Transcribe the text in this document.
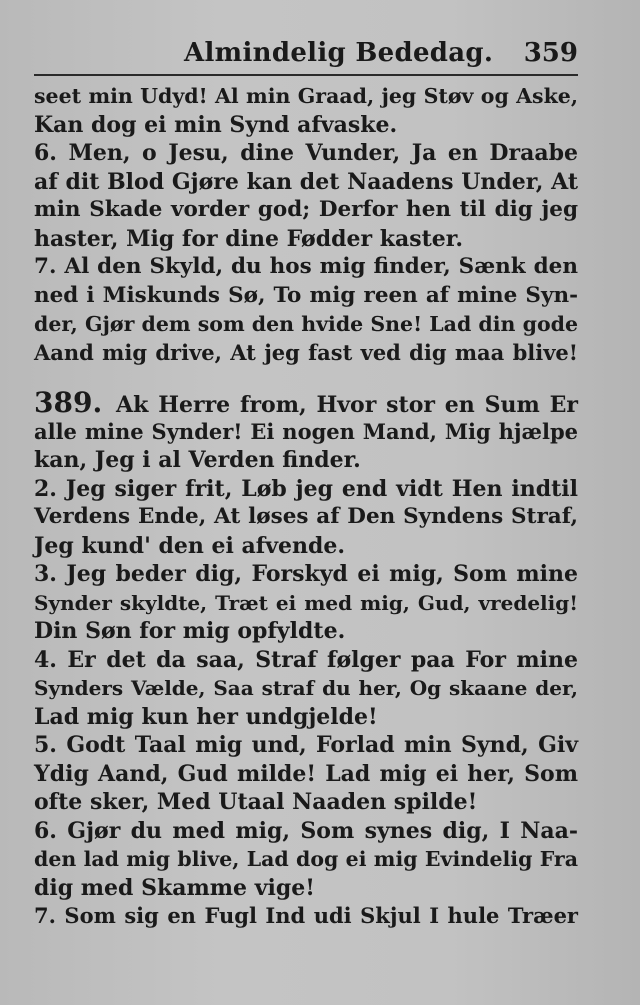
Almindelig Bededag. 359
seet min Udyd! Al min Graad, jeg Støv og Aske,
Kan dog ei min Synd afvaske.
6. Men, o Jesu, dine Vunder, Ja en Draabe
af dit Blod Gjøre kan det Naadens Under, At
min Skade vorder god; Derfor hen til dig jeg
haster, Mig for dine Fødder kaster.
7. Al den Skyld, du hos mig finder, Sænk den
ned i Miskunds Sø, To mig reen af mine Syn-
der, Gjør dem som den hvide Sne! Lad din gode
Aand mig drive, At jeg fast ved dig maa blive!
389. Ak Herre from, Hvor stor en Sum Er
alle mine Synder! Ei nogen Mand, Mig hjælpe
kan, Jeg i al Verden finder.
2. Jeg siger frit, Løb jeg end vidt Hen indtil
Verdens Ende, At løses af Den Syndens Straf,
Jeg kund' den ei afvende.
3. Jeg beder dig, Forskyd ei mig, Som mine
Synder skyldte, Træt ei med mig, Gud, vredelig!
Din Søn for mig opfyldte.
4. Er det da saa, Straf følger paa For mine
Synders Vælde, Saa straf du her, Og skaane der,
Lad mig kun her undgjelde!
5. Godt Taal mig und, Forlad min Synd, Giv
Ydig Aand, Gud milde! Lad mig ei her, Som
ofte sker, Med Utaal Naaden spilde!
6. Gjør du med mig, Som synes dig, I Naa-
den lad mig blive, Lad dog ei mig Evindelig Fra
dig med Skamme vige!
7. Som sig en Fugl Ind udi Skjul I hule Træer
